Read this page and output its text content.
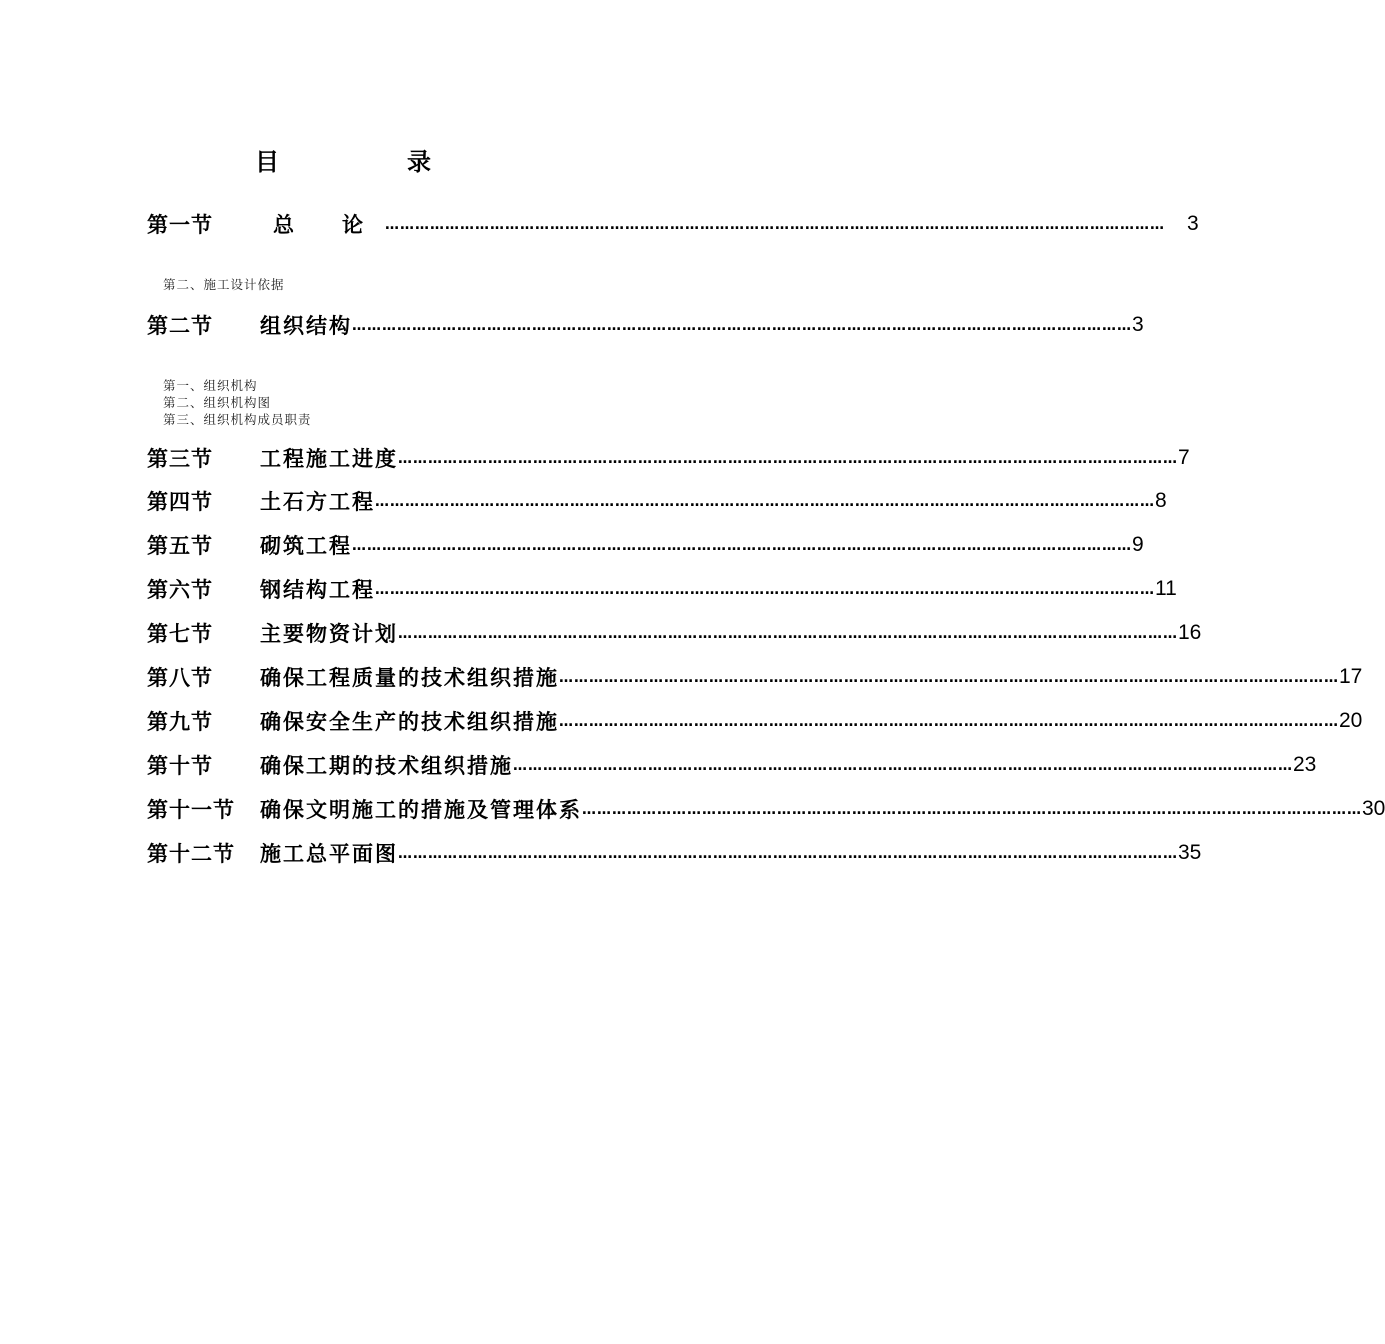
目	录
第一节	总　　论	………………………………………………………………………………………………………………………………………… 3
第二、施工设计依据
第二节	组织结构 ………………………………………………………………………………………………………………………………………… 3
第一、组织机构
第二、组织机构图
第三、组织机构成员职责
第三节	工程施工进度 ………………………………………………………………………………………………………………………………………… 7
第四节	土石方工程 ………………………………………………………………………………………………………………………………………… 8
第五节	砌筑工程 ………………………………………………………………………………………………………………………………………… 9
第六节	钢结构工程 ………………………………………………………………………………………………………………………………………… 11
第七节	主要物资计划 ………………………………………………………………………………………………………………………………………… 16
第八节	确保工程质量的技术组织措施 ………………………………………………………………………………………………………………………………………… 17
第九节	确保安全生产的技术组织措施 ………………………………………………………………………………………………………………………………………… 20
第十节	确保工期的技术组织措施 ………………………………………………………………………………………………………………………………………… 23
第十一节	确保文明施工的措施及管理体系 ………………………………………………………………………………………………………………………………………… 30
第十二节	施工总平面图 ………………………………………………………………………………………………………………………………………… 35
